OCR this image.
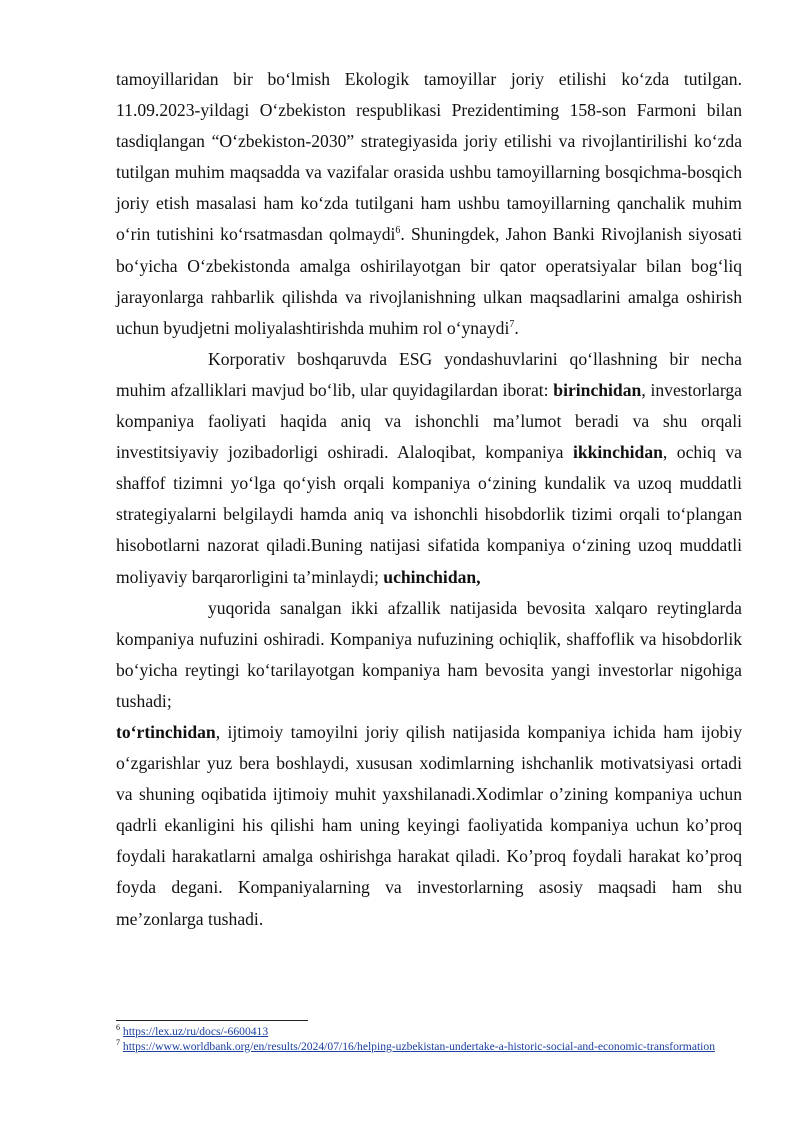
tamoyillaridan bir bo‘lmish Ekologik tamoyillar joriy etilishi ko‘zda tutilgan. 11.09.2023-yildagi O‘zbekiston respublikasi Prezidentiming 158-son Farmoni bilan tasdiqlangan “O‘zbekiston-2030” strategiyasida joriy etilishi va rivojlantirilishi ko‘zda tutilgan muhim maqsadda va vazifalar orasida ushbu tamoyillarning bosqichma-bosqich joriy etish masalasi ham ko‘zda tutilgani ham ushbu tamoyillarning qanchalik muhim o‘rin tutishini ko‘rsatmasdan qolmaydi$^6$. Shuningdek, Jahon Banki Rivojlanish siyosati bo‘yicha O‘zbekistonda amalga oshirilayotgan bir qator operatsiyalar bilan bog‘liq jarayonlarga rahbarlik qilishda va rivojlanishning ulkan maqsadlarini amalga oshirish uchun byudjetni moliyalashtirishda muhim rol o‘ynaydi$^7$.

Korporativ boshqaruvda ESG yondashuvlarini qo‘llashning bir necha muhim afzalliklari mavjud bo‘lib, ular quyidagilardan iborat: birinchidan, investorlarga kompaniya faoliyati haqida aniq va ishonchli ma’lumot beradi va shu orqali investitsiyaviy jozibadorligi oshiradi. Alaloqibat, kompaniya ikkinchidan, ochiq va shaffof tizimni yo‘lga qo‘yish orqali kompaniya o‘zining kundalik va uzoq muddatli strategiyalarni belgilaydi hamda aniq va ishonchli hisobdorlik tizimi orqali to‘plangan hisobotlarni nazorat qiladi.Buning natijasi sifatida kompaniya o‘zining uzoq muddatli moliyaviy barqarorligini ta’minlaydi; uchinchidan,
yuqorida sanalgan ikki afzallik natijasida bevosita xalqaro reytinglarda kompaniya nufuzini oshiradi. Kompaniya nufuzining ochiqlik, shaffoflik va hisobdorlik bo‘yicha reytingi ko‘tarilayotgan kompaniya ham bevosita yangi investorlar nigohiga tushadi;
to‘rtinchidan, ijtimoiy tamoyilni joriy qilish natijasida kompaniya ichida ham ijobiy o‘zgarishlar yuz bera boshlaydi, xususan xodimlarning ishchanlik motivatsiyasi ortadi va shuning oqibatida ijtimoiy muhit yaxshilanadi.Xodimlar o’zining kompaniya uchun qadrli ekanligini his qilishi ham uning keyingi faoliyatida kompaniya uchun ko’proq foydali harakatlarni amalga oshirishga harakat qiladi. Ko’proq foydali harakat ko’proq foyda degani. Kompaniyalarning va investorlarning asosiy maqsadi ham shu me’zonlarga tushadi.

$^6$ https://lex.uz/ru/docs/-6600413

$^7$ https://www.worldbank.org/en/results/2024/07/16/helping-uzbekistan-undertake-a-historic-social-and-economic-transformation
